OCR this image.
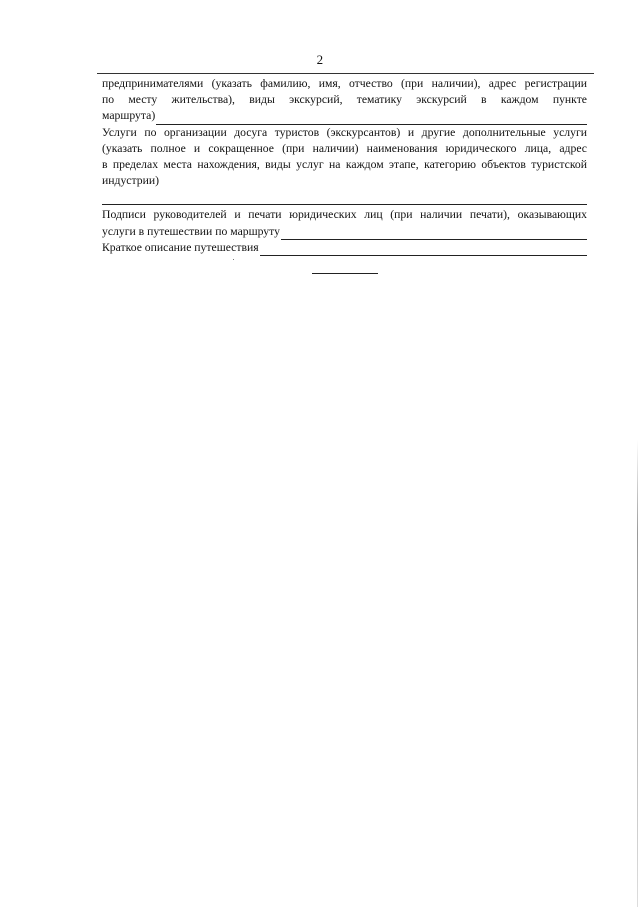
2
предпринимателями (указать фамилию, имя, отчество (при наличии), адрес регистрации
по месту жительства), виды экскурсий, тематику экскурсий в каждом пункте
маршрута)
Услуги по организации досуга туристов (экскурсантов) и другие дополнительные услуги
(указать полное и сокращенное (при наличии) наименования юридического лица, адрес
в пределах места нахождения, виды услуг на каждом этапе, категорию объектов туристской
индустрии)
Подписи руководителей и печати юридических лиц (при наличии печати), оказывающих
услуги в путешествии по маршруту
Краткое описание путешествия
